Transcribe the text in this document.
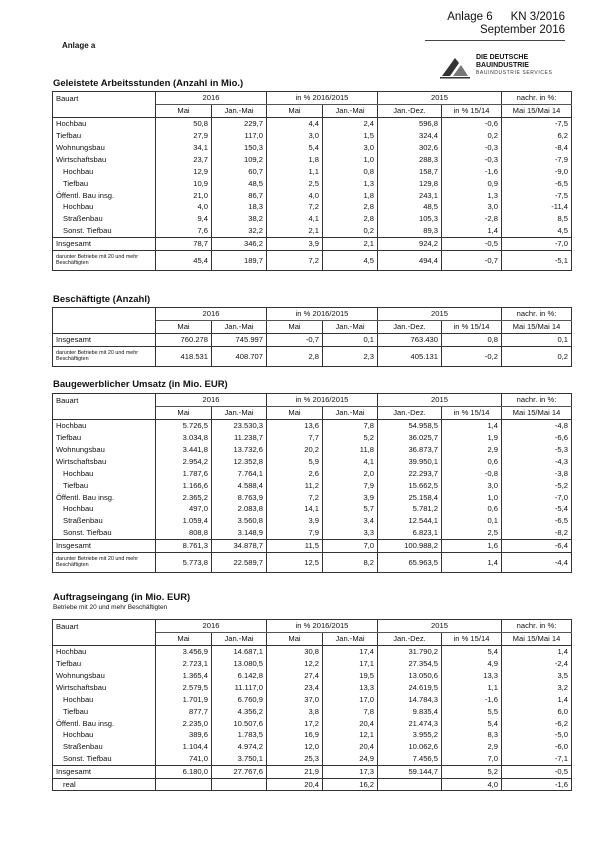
Anlage 6 KN 3/2016
September 2016
Anlage a
DIE DEUTSCHE
BAUINDUSTRIE
BAUINDUSTRIE SERVICES
Geleistete Arbeitsstunden (Anzahl in Mio.)
Bauart	2016		in % 2016/2015		2015		nachr. in %:
	Mai	Jan.-Mai	Mai	Jan.-Mai	Jan.-Dez.	in % 15/14	Mai 15/Mai 14
Hochbau	50,8	229,7	4,4	2,4	596,8	-0,6	-7,5
Tiefbau	27,9	117,0	3,0	1,5	324,4	0,2	6,2
Wohnungsbau	34,1	150,3	5,4	3,0	302,6	-0,3	-8,4
Wirtschaftsbau	23,7	109,2	1,8	1,0	288,3	-0,3	-7,9
Hochbau	12,9	60,7	1,1	0,8	158,7	-1,6	-9,0
Tiefbau	10,9	48,5	2,5	1,3	129,8	0,9	-6,5
Öffentl. Bau insg.	21,0	86,7	4,0	1,8	243,1	1,3	-7,5
Hochbau	4,0	18,3	7,2	2,8	48,5	3,0	-11,4
Straßenbau	9,4	38,2	4,1	2,8	105,3	-2,8	8,5
Sonst. Tiefbau	7,6	32,2	2,1	0,2	89,3	1,4	4,5
Insgesamt	78,7	346,2	3,9	2,1	924,2	-0,5	-7,0
darunter Betriebe mit 20 und mehr Beschäftigten	45,4	189,7	7,2	4,5	494,4	-0,7	-5,1
Beschäftigte (Anzahl)
	2016		in % 2016/2015		2015		nachr. in %:
	Mai	Jan.-Mai	Mai	Jan.-Mai	Jan.-Dez.	in % 15/14	Mai 15/Mai 14
Insgesamt	760.278	745.997	-0,7	0,1	763.430	0,8	0,1
darunter Betriebe mit 20 und mehr Beschäftigten	418.531	408.707	2,8	2,3	405.131	-0,2	0,2
Baugewerblicher Umsatz (in Mio. EUR)
Bauart	2016		in % 2016/2015		2015		nachr. in %:
	Mai	Jan.-Mai	Mai	Jan.-Mai	Jan.-Dez.	in % 15/14	Mai 15/Mai 14
Hochbau	5.726,5	23.530,3	13,6	7,8	54.958,5	1,4	-4,8
Tiefbau	3.034,8	11.238,7	7,7	5,2	36.025,7	1,9	-6,6
Wohnungsbau	3.441,8	13.732,6	20,2	11,8	36.873,7	2,9	-5,3
Wirtschaftsbau	2.954,2	12.352,8	5,9	4,1	39.950,1	0,6	-4,3
Hochbau	1.787,6	7.764,1	2,6	2,0	22.293,7	-0,8	-3,8
Tiefbau	1.166,6	4.588,4	11,2	7,9	15.662,5	3,0	-5,2
Öffentl. Bau insg.	2.365,2	8.763,9	7,2	3,9	25.158,4	1,0	-7,0
Hochbau	497,0	2.083,8	14,1	5,7	5.781,2	0,6	-5,4
Straßenbau	1.059,4	3.560,8	3,9	3,4	12.544,1	0,1	-6,5
Sonst. Tiefbau	808,8	3.148,9	7,9	3,3	6.823,1	2,5	-8,2
Insgesamt	8.761,3	34.878,7	11,5	7,0	100.988,2	1,6	-6,4
darunter Betriebe mit 20 und mehr Beschäftigten	5.773,8	22.589,7	12,5	8,2	65.963,5	1,4	-4,4
Auftragseingang (in Mio. EUR)
Betriebe mit 20 und mehr Beschäftigten
Bauart	2016		in % 2016/2015		2015		nachr. in %:
	Mai	Jan.-Mai	Mai	Jan.-Mai	Jan.-Dez.	in % 15/14	Mai 15/Mai 14
Hochbau	3.456,9	14.687,1	30,8	17,4	31.790,2	5,4	1,4
Tiefbau	2.723,1	13.080,5	12,2	17,1	27.354,5	4,9	-2,4
Wohnungsbau	1.365,4	6.142,8	27,4	19,5	13.050,6	13,3	3,5
Wirtschaftsbau	2.579,5	11.117,0	23,4	13,3	24.619,5	1,1	3,2
Hochbau	1.701,9	6.760,9	37,0	17,0	14.784,3	-1,6	1,4
Tiefbau	877,7	4.356,2	3,8	7,8	9.835,4	5,5	6,0
Öffentl. Bau insg.	2.235,0	10.507,6	17,2	20,4	21.474,3	5,4	-6,2
Hochbau	389,6	1.783,5	16,9	12,1	3.955,2	8,3	-5,0
Straßenbau	1.104,4	4.974,2	12,0	20,4	10.062,6	2,9	-6,0
Sonst. Tiefbau	741,0	3.750,1	25,3	24,9	7.456,5	7,0	-7,1
Insgesamt	6.180,0	27.767,6	21,9	17,3	59.144,7	5,2	-0,5
real			20,4	16,2		4,0	-1,6
